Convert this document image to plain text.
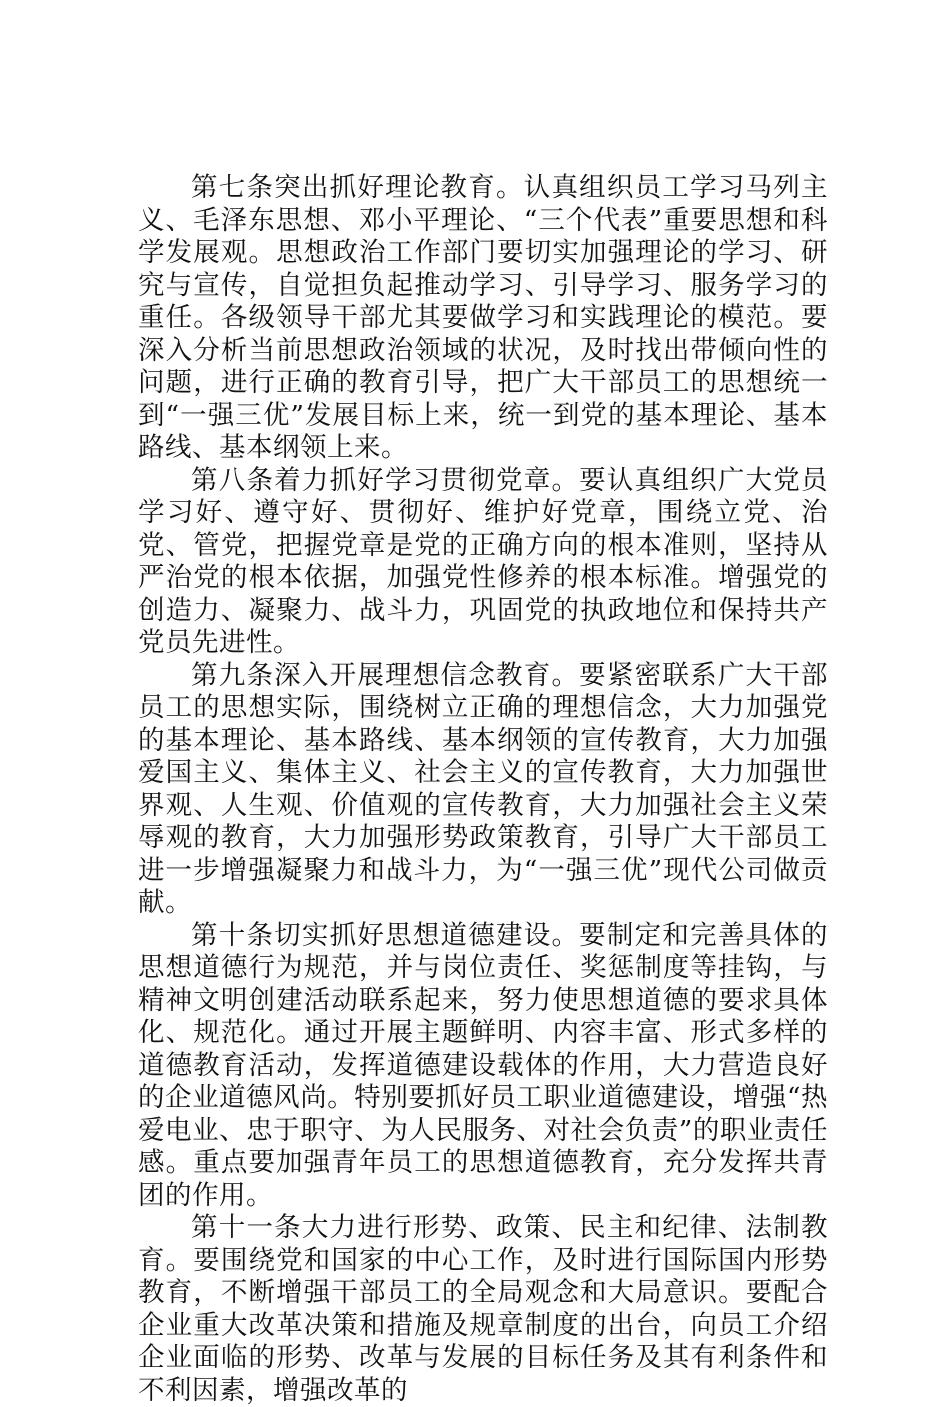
第七条突出抓好理论教育。认真组织员工学习马列主义、毛泽东思想、邓小平理论、“三个代表”重要思想和科学发展观。思想政治工作部门要切实加强理论的学习、研究与宣传，自觉担负起推动学习、引导学习、服务学习的重任。各级领导干部尤其要做学习和实践理论的模范。要深入分析当前思想政治领域的状况，及时找出带倾向性的问题，进行正确的教育引导，把广大干部员工的思想统一到“一强三优”发展目标上来，统一到党的基本理论、基本路线、基本纲领上来。

第八条着力抓好学习贯彻党章。要认真组织广大党员学习好、遵守好、贯彻好、维护好党章，围绕立党、治党、管党，把握党章是党的正确方向的根本准则，坚持从严治党的根本依据，加强党性修养的根本标准。增强党的创造力、凝聚力、战斗力，巩固党的执政地位和保持共产党员先进性。

第九条深入开展理想信念教育。要紧密联系广大干部员工的思想实际，围绕树立正确的理想信念，大力加强党的基本理论、基本路线、基本纲领的宣传教育，大力加强爱国主义、集体主义、社会主义的宣传教育，大力加强世界观、人生观、价值观的宣传教育，大力加强社会主义荣辱观的教育，大力加强形势政策教育，引导广大干部员工进一步增强凝聚力和战斗力，为“一强三优”现代公司做贡献。

第十条切实抓好思想道德建设。要制定和完善具体的思想道德行为规范，并与岗位责任、奖惩制度等挂钩，与精神文明创建活动联系起来，努力使思想道德的要求具体化、规范化。通过开展主题鲜明、内容丰富、形式多样的道德教育活动，发挥道德建设载体的作用，大力营造良好的企业道德风尚。特别要抓好员工职业道德建设，增强“热爱电业、忠于职守、为人民服务、对社会负责”的职业责任感。重点要加强青年员工的思想道德教育，充分发挥共青团的作用。

第十一条大力进行形势、政策、民主和纪律、法制教育。要围绕党和国家的中心工作，及时进行国际国内形势教育，不断增强干部员工的全局观念和大局意识。要配合企业重大改革决策和措施及规章制度的出台，向员工介绍企业面临的形势、改革与发展的目标任务及其有利条件和不利因素，增强改革的
